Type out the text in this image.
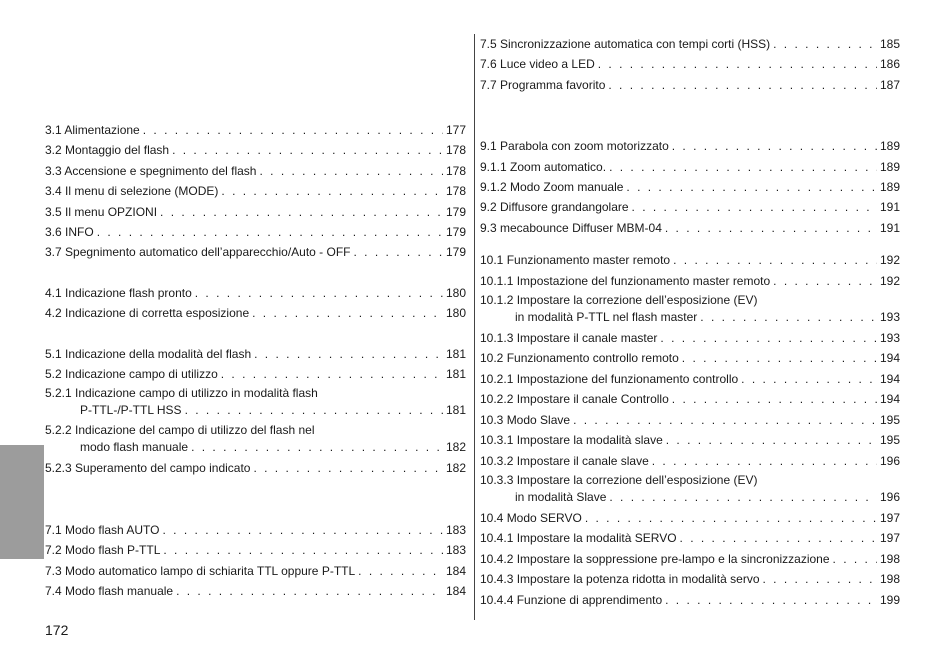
3.1 Alimentazione . . .	177
3.2 Montaggio del flash . . .	178
3.3 Accensione e spegnimento del flash . . .	178
3.4 Il menu di selezione (MODE) . . .	178
3.5 Il menu OPZIONI . . .	179
3.6 INFO . . .	179
3.7 Spegnimento automatico dell’apparecchio/Auto - OFF . . .	179
4.1 Indicazione flash pronto . . .	180
4.2 Indicazione di corretta esposizione . . .	180
5.1 Indicazione della modalità del flash . . .	181
5.2 Indicazione campo di utilizzo . . .	181
5.2.1 Indicazione campo di utilizzo in modalità flash
P-TTL-/P-TTL HSS . . .	181
5.2.2 Indicazione del campo di utilizzo del flash nel
modo flash manuale . . .	182
5.2.3 Superamento del campo indicato . . .	182
7.1 Modo flash AUTO . . .	183
7.2 Modo flash P-TTL . . .	183
7.3 Modo automatico lampo di schiarita TTL oppure P-TTL . . .	184
7.4 Modo flash manuale . . .	184
7.5 Sincronizzazione automatica con tempi corti (HSS) . . .	185
7.6 Luce video a LED . . .	186
7.7 Programma favorito . . .	187
9.1 Parabola con zoom motorizzato . . .	189
9.1.1 Zoom automatico. . . .	189
9.1.2 Modo Zoom manuale . . .	189
9.2 Diffusore grandangolare . . .	191
9.3 mecabounce Diffuser MBM-04 . . .	191
10.1 Funzionamento master remoto . . .	192
10.1.1 Impostazione del funzionamento master remoto . . .	192
10.1.2 Impostare la correzione dell’esposizione (EV)
in modalità P-TTL nel flash master . . .	193
10.1.3 Impostare il canale master . . .	193
10.2 Funzionamento controllo remoto . . .	194
10.2.1 Impostazione del funzionamento controllo . . .	194
10.2.2 Impostare il canale Controllo . . .	194
10.3 Modo Slave . . .	195
10.3.1 Impostare la modalità slave . . .	195
10.3.2 Impostare il canale slave . . .	196
10.3.3 Impostare la correzione dell’esposizione (EV)
in modalità Slave . . .	196
10.4 Modo SERVO . . .	197
10.4.1 Impostare la modalità SERVO . . .	197
10.4.2 Impostare la soppressione pre-lampo e la sincronizzazione . . .	198
10.4.3 Impostare la potenza ridotta in modalità servo . . .	198
10.4.4 Funzione di apprendimento . . .	199
172
